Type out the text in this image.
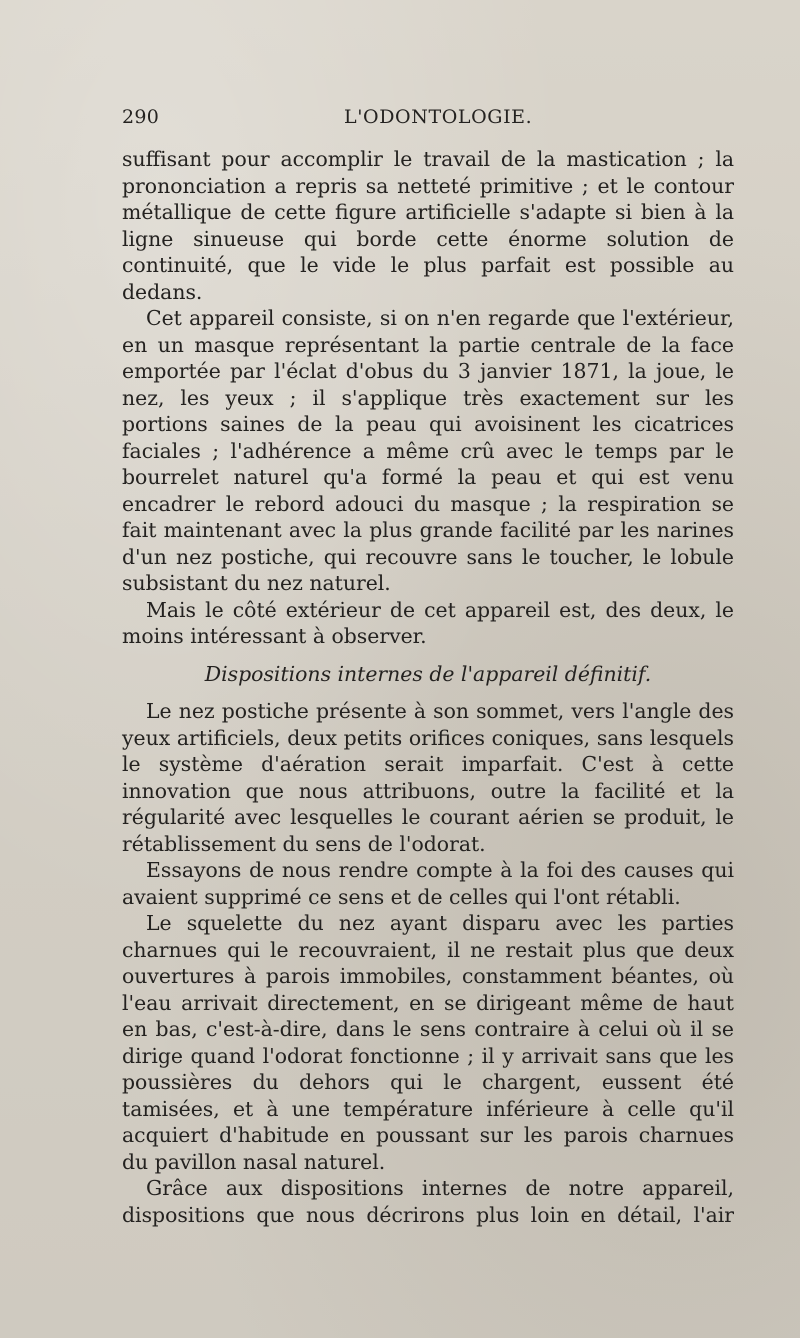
290	L'ODONTOLOGIE.

suffisant pour accomplir le travail de la mastication ; la prononciation a repris sa netteté primitive ; et le contour métallique de cette figure artificielle s'adapte si bien à la ligne sinueuse qui borde cette énorme solution de continuité, que le vide le plus parfait est possible au dedans.

Cet appareil consiste, si on n'en regarde que l'extérieur, en un masque représentant la partie centrale de la face emportée par l'éclat d'obus du 3 janvier 1871, la joue, le nez, les yeux ; il s'applique très exactement sur les portions saines de la peau qui avoisinent les cicatrices faciales ; l'adhérence a même crû avec le temps par le bourrelet naturel qu'a formé la peau et qui est venu encadrer le rebord adouci du masque ; la respiration se fait maintenant avec la plus grande facilité par les narines d'un nez postiche, qui recouvre sans le toucher, le lobule subsistant du nez naturel.

Mais le côté extérieur de cet appareil est, des deux, le moins intéressant à observer.

Dispositions internes de l'appareil définitif.

Le nez postiche présente à son sommet, vers l'angle des yeux artificiels, deux petits orifices coniques, sans lesquels le système d'aération serait imparfait. C'est à cette innovation que nous attribuons, outre la facilité et la régularité avec lesquelles le courant aérien se produit, le rétablissement du sens de l'odorat.

Essayons de nous rendre compte à la foi des causes qui avaient supprimé ce sens et de celles qui l'ont rétabli.

Le squelette du nez ayant disparu avec les parties charnues qui le recouvraient, il ne restait plus que deux ouvertures à parois immobiles, constamment béantes, où l'eau arrivait directement, en se dirigeant même de haut en bas, c'est-à-dire, dans le sens contraire à celui où il se dirige quand l'odorat fonctionne ; il y arrivait sans que les poussières du dehors qui le chargent, eussent été tamisées, et à une température inférieure à celle qu'il acquiert d'habitude en poussant sur les parois charnues du pavillon nasal naturel.

Grâce aux dispositions internes de notre appareil, dispositions que nous décrirons plus loin en détail, l'air
